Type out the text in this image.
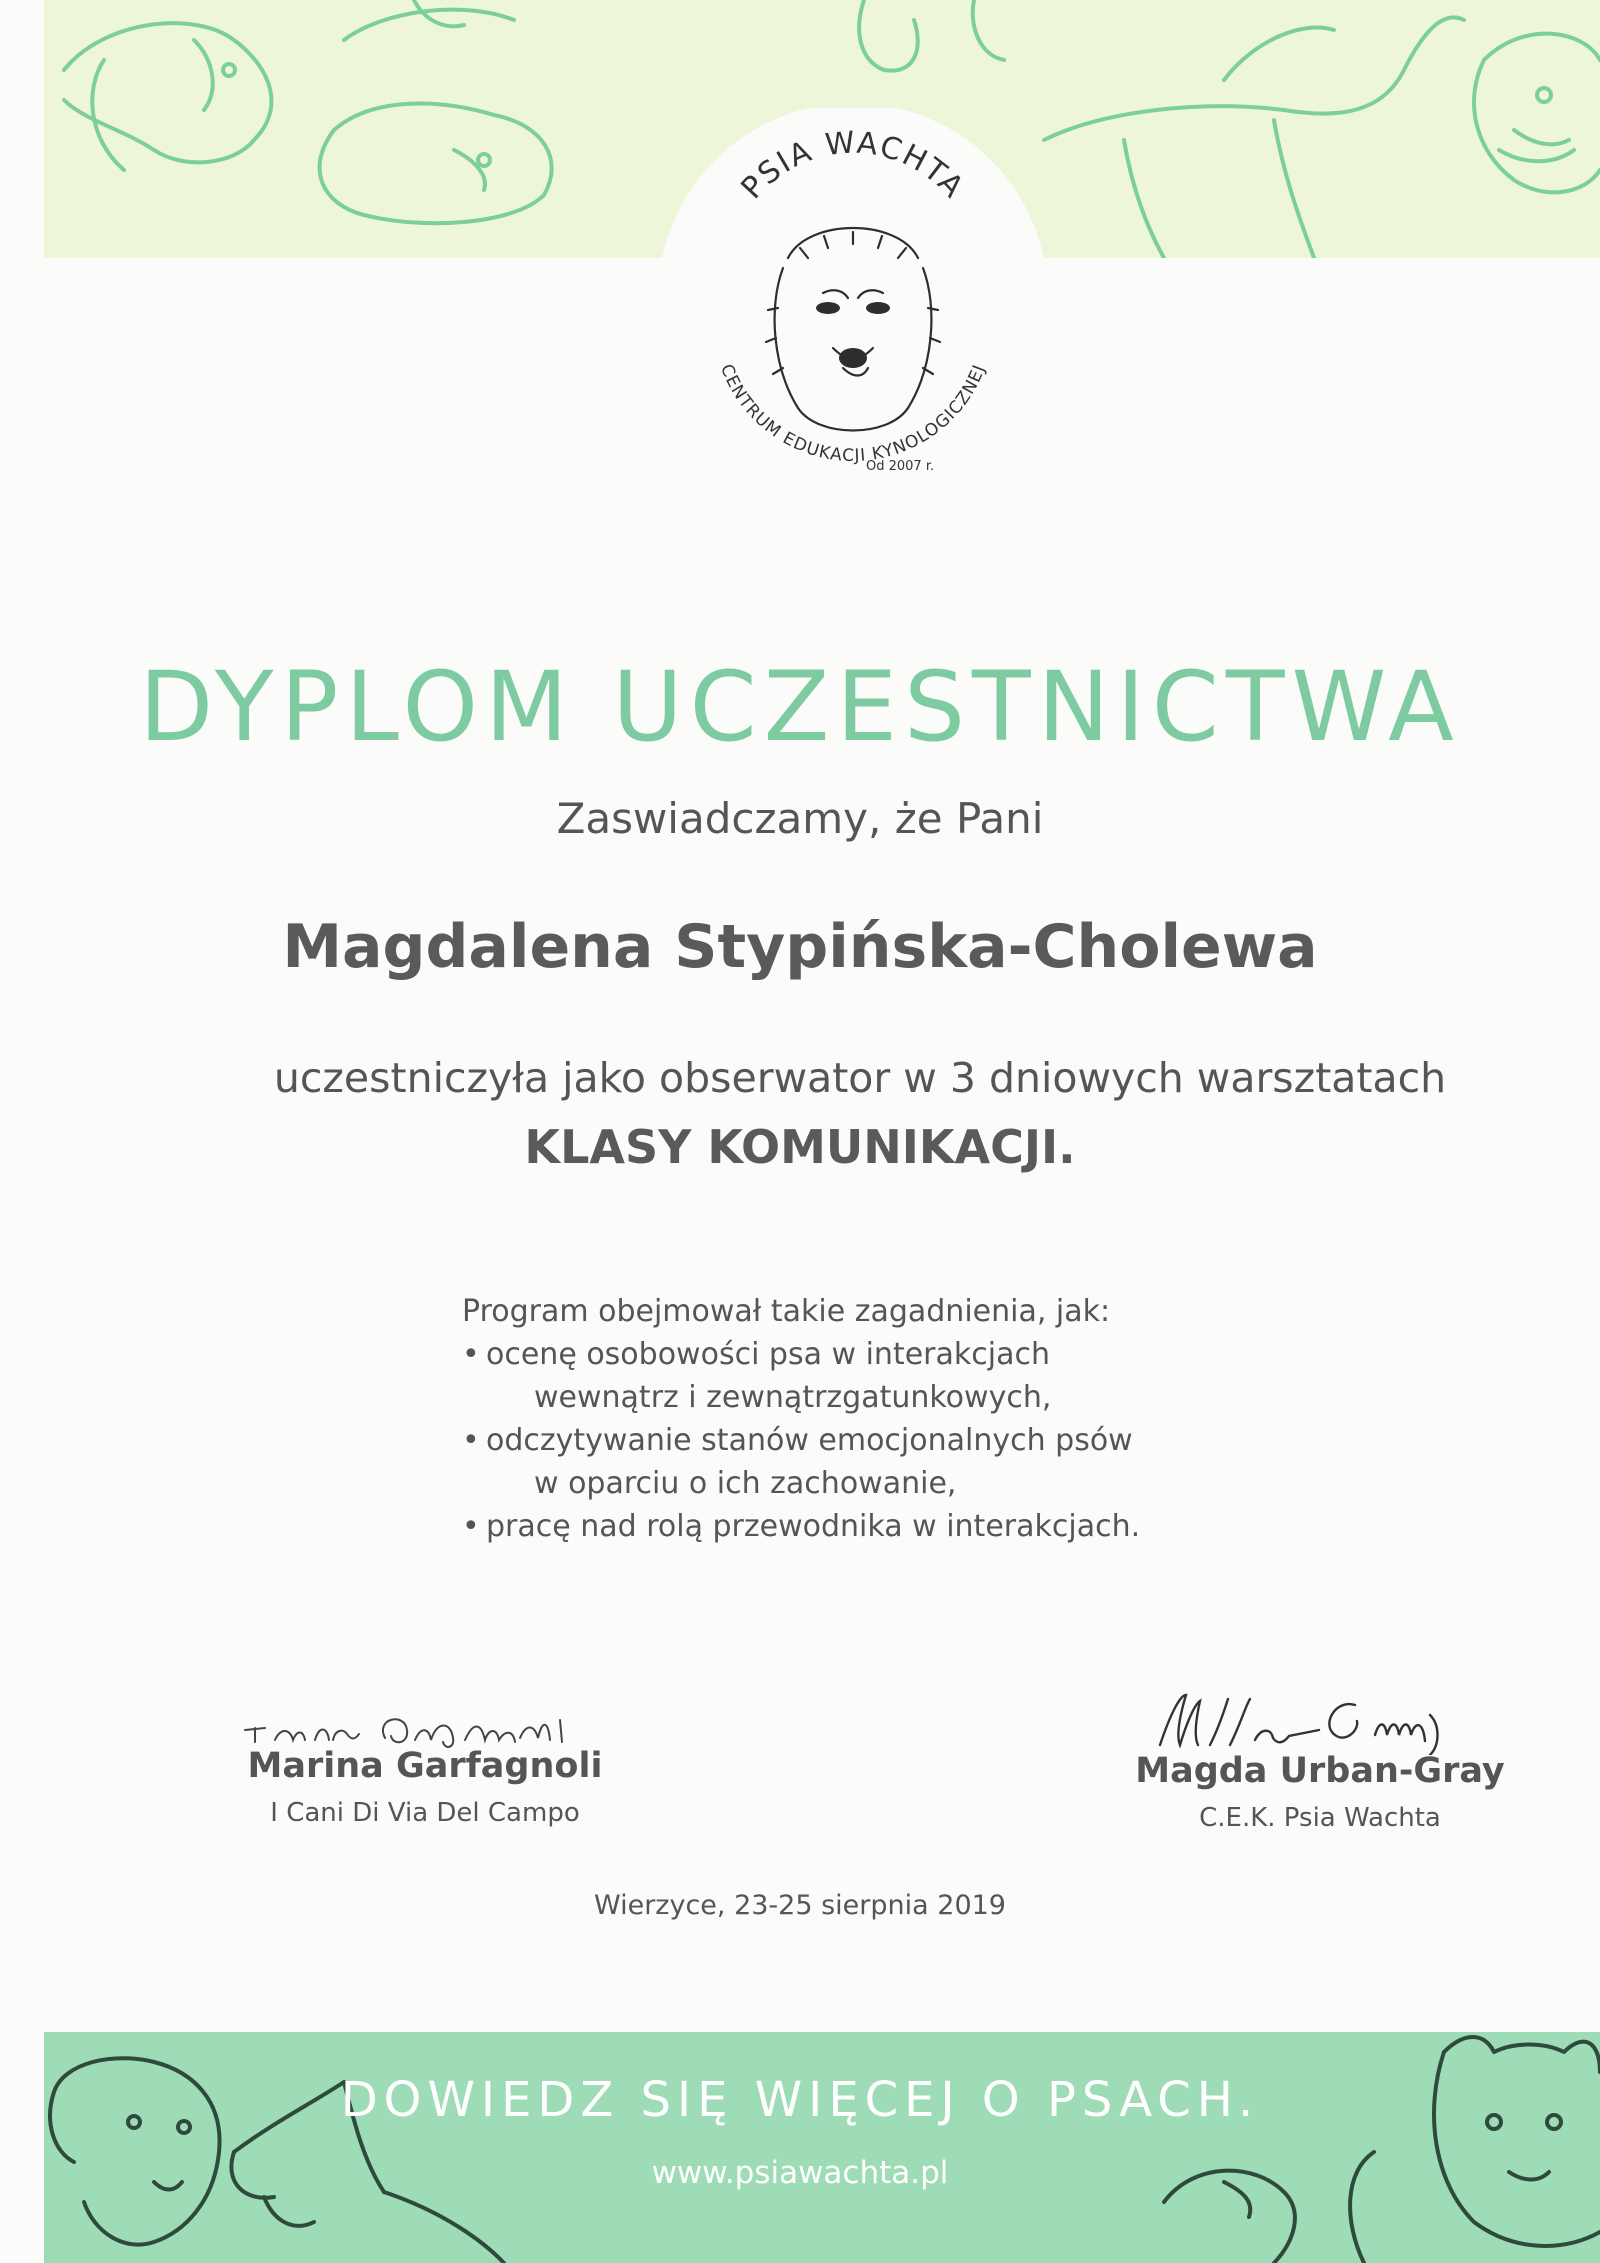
PSIA WACHTA
Od 2007 r.
CENTRUM EDUKACJI KYNOLOGICZNEJ
DYPLOM UCZESTNICTWA
Zaswiadczamy, że Pani
Magdalena Stypińska-Cholewa
uczestniczyła jako obserwator w 3 dniowych warsztatach
KLASY KOMUNIKACJI.
Program obejmował takie zagadnienia, jak:
• ocenę osobowości psa w interakcjach
wewnątrz i zewnątrzgatunkowych,
• odczytywanie stanów emocjonalnych psów
w oparciu o ich zachowanie,
• pracę nad rolą przewodnika w interakcjach.
Marina Garfagnoli
I Cani Di Via Del Campo
Magda Urban-Gray
C.E.K. Psia Wachta
Wierzyce, 23-25 sierpnia 2019
DOWIEDZ SIĘ WIĘCEJ O PSACH.
www.psiawachta.pl
